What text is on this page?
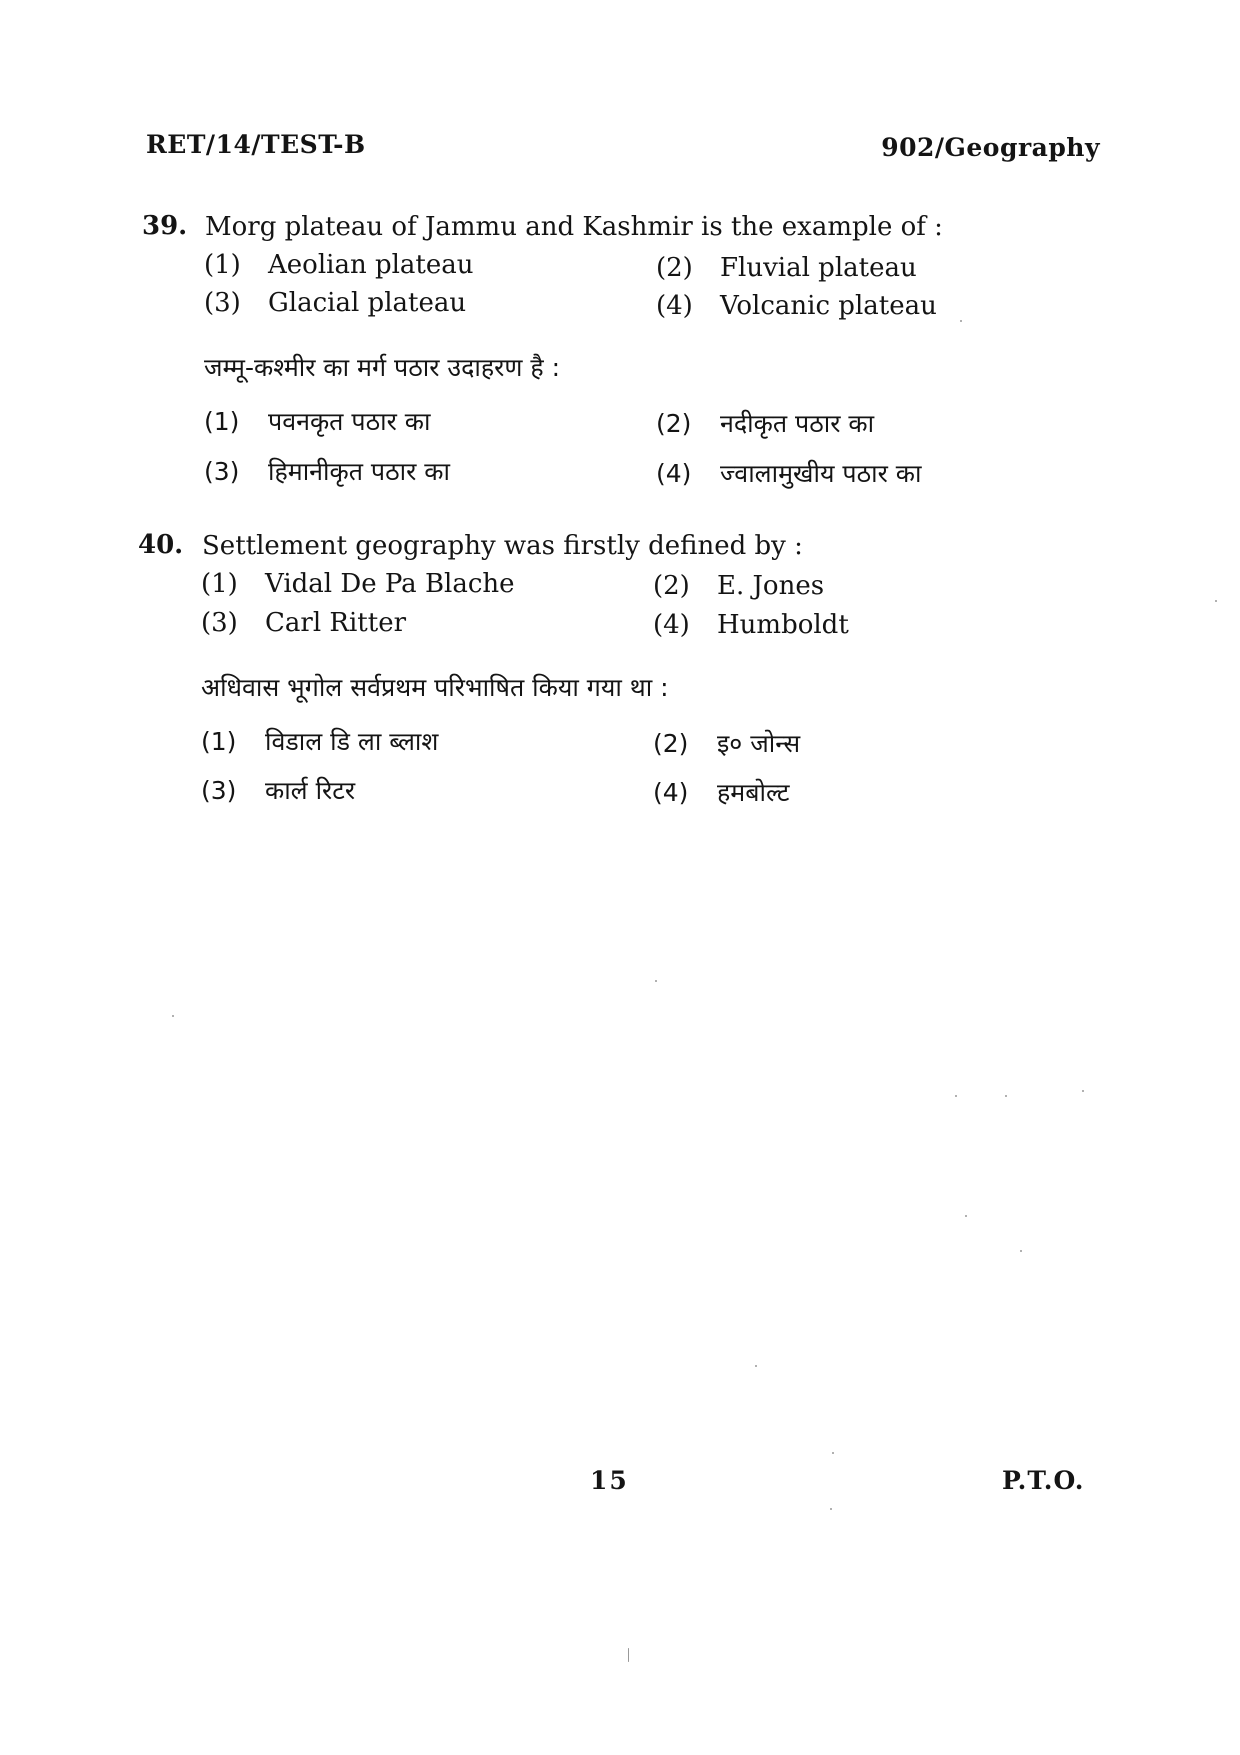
RET/14/TEST-B	902/Geography
39. Morg plateau of Jammu and Kashmir is the example of :
(1) Aeolian plateau	(2) Fluvial plateau
(3) Glacial plateau	(4) Volcanic plateau
जम्मू-कश्मीर का मर्ग पठार उदाहरण है :
(1) पवनकृत पठार का	(2) नदीकृत पठार का
(3) हिमानीकृत पठार का	(4) ज्वालामुखीय पठार का
40. Settlement geography was firstly defined by :
(1) Vidal De Pa Blache	(2) E. Jones
(3) Carl Ritter	(4) Humboldt
अधिवास भूगोल सर्वप्रथम परिभाषित किया गया था :
(1) विडाल डि ला ब्लाश	(2) इ० जोन्स
(3) कार्ल रिटर	(4) हमबोल्ट
15	P.T.O.
